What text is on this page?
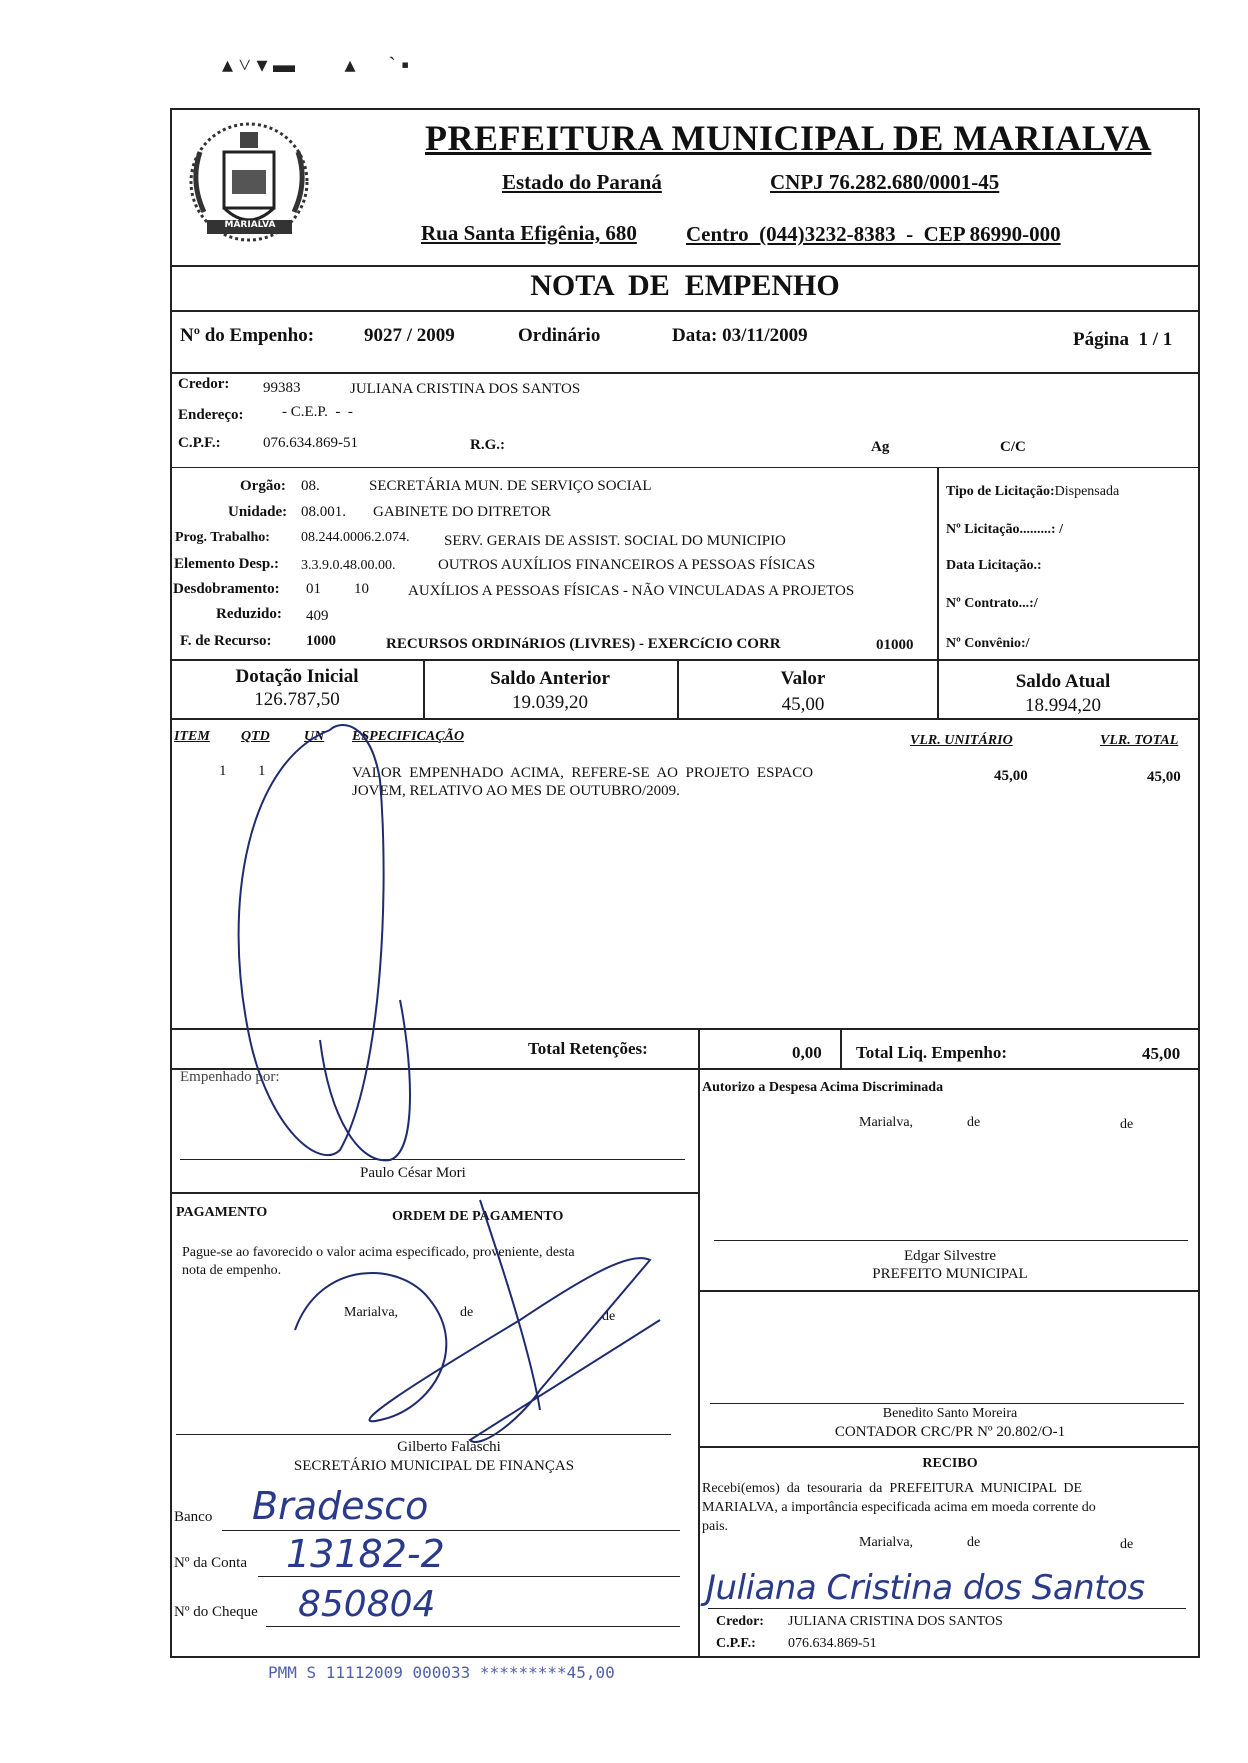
▴ ˅ ▾ ▬         ▴      ˋ ▪
MARIALVA
PREFEITURA MUNICIPAL DE MARIALVA
Estado do Paraná	CNPJ 76.282.680/0001-45
Rua Santa Efigênia, 680 Centro  (044)3232-8383  -  CEP 86990-000
NOTA  DE  EMPENHO
Nº do Empenho:	9027 / 2009	Ordinário	Data: 03/11/2009	Página  1 / 1
Credor: 99383	JULIANA CRISTINA DOS SANTOS
Endereço:	- C.E.P.  -  -
C.P.F.:	076.634.869-51	R.G.:	Ag	C/C
Orgão: 08.	SECRETÁRIA MUN. DE SERVIÇO SOCIAL
Unidade: 08.001. GABINETE DO DITRETOR
Prog. Trabalho: 08.244.0006.2.074. SERV. GERAIS DE ASSIST. SOCIAL DO MUNICIPIO
Elemento Desp.: 3.3.9.0.48.00.00.	OUTROS AUXÍLIOS FINANCEIROS A PESSOAS FÍSICAS
Desdobramento: 01 10	AUXÍLIOS A PESSOAS FÍSICAS - NÃO VINCULADAS A PROJETOS
Reduzido: 409
F. de Recurso: 1000	RECURSOS ORDINáRIOS (LIVRES) - EXERCíCIO CORR	01000
Tipo de Licitação:Dispensada
Nº Licitação.........: /
Data Licitação.:
Nº Contrato...:/
Nº Convênio:/
Dotação Inicial
126.787,50
Saldo Anterior
19.039,20
Valor
45,00
Saldo Atual
18.994,20
ITEM QTD UN ESPECIFICAÇÃO	VLR. UNITÁRIO	VLR. TOTAL
1 1	VALOR  EMPENHADO  ACIMA,  REFERE-SE  AO  PROJETO  ESPACO
JOVEM, RELATIVO AO MES DE OUTUBRO/2009.
45,00	45,00
Total Retenções:	0,00 Total Liq. Empenho:	45,00
Empenhado por:
Paulo César Mori
PAGAMENTO	ORDEM DE PAGAMENTO
Pague-se ao favorecido o valor acima especificado, proveniente, desta
nota de empenho.
Marialva,	de	de
Gilberto Falaschi
SECRETÁRIO MUNICIPAL DE FINANÇAS
Banco Bradesco
Nº da Conta 13182-2
Nº do Cheque 850804
Autorizo a Despesa Acima Discriminada
Marialva,	de	de
Edgar Silvestre
PREFEITO MUNICIPAL
Benedito Santo Moreira
CONTADOR CRC/PR Nº 20.802/O-1
RECIBO
Recebi(emos)  da  tesouraria  da  PREFEITURA  MUNICIPAL  DE
MARIALVA, a importância especificada acima em moeda corrente do
pais.
Marialva,	de	de
Juliana Cristina dos Santos
Credor: JULIANA CRISTINA DOS SANTOS
C.P.F.: 076.634.869-51
PMM S 11112009 000033 *********45,00
